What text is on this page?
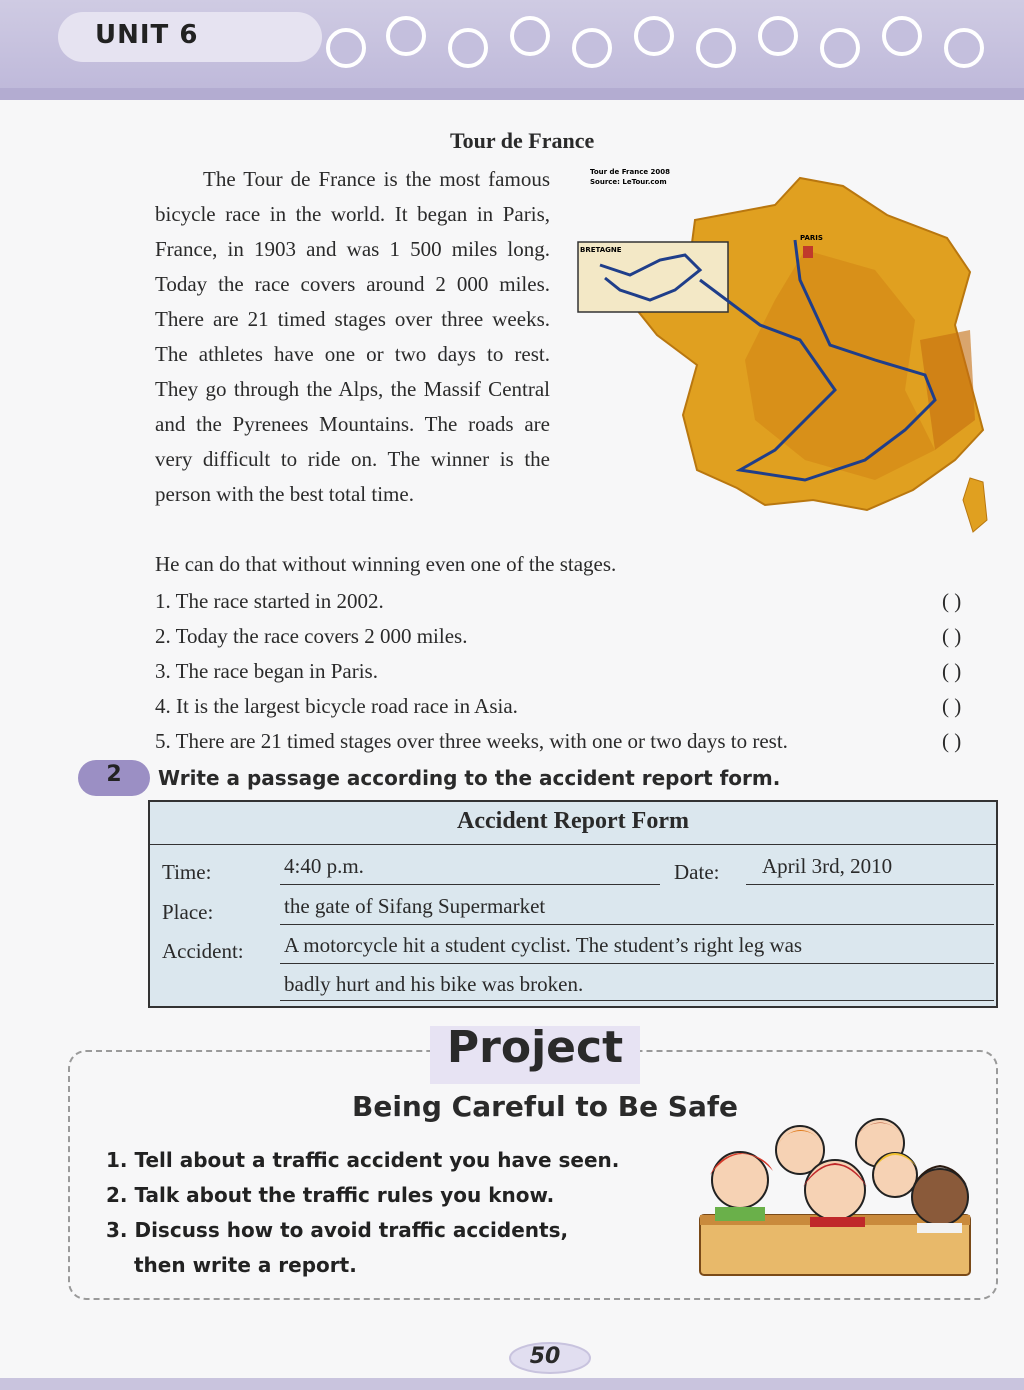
UNIT 6
Tour de France
The Tour de France is the most famous bicycle race in the world. It began in Paris, France, in 1903 and was 1 500 miles long. Today the race covers around 2 000 miles. There are 21 timed stages over three weeks. The athletes have one or two days to rest. They go through the Alps, the Massif Central and the Pyrenees Mountains. The roads are very difficult to ride on. The winner is the person with the best total time.
He can do that without winning even one of the stages.
Tour de France 2008
Source: LeTour.com
BRETAGNE
PARIS
1. The race started in 2002.	( )
2. Today the race covers 2 000 miles.	( )
3. The race began in Paris.	( )
4. It is the largest bicycle road race in Asia.	( )
5. There are 21 timed stages over three weeks, with one or two days to rest.	( )
2	Write a passage according to the accident report form.
Accident Report Form
Time:	4:40 p.m.	Date: April 3rd, 2010
Place:	the gate of Sifang Supermarket
Accident: A motorcycle hit a student cyclist. The student’s right leg was
badly hurt and his bike was broken.
Project
Being Careful to Be Safe
1. Tell about a traffic accident you have seen.
2. Talk about the traffic rules you know.
3. Discuss how to avoid traffic accidents,
then write a report.
50
